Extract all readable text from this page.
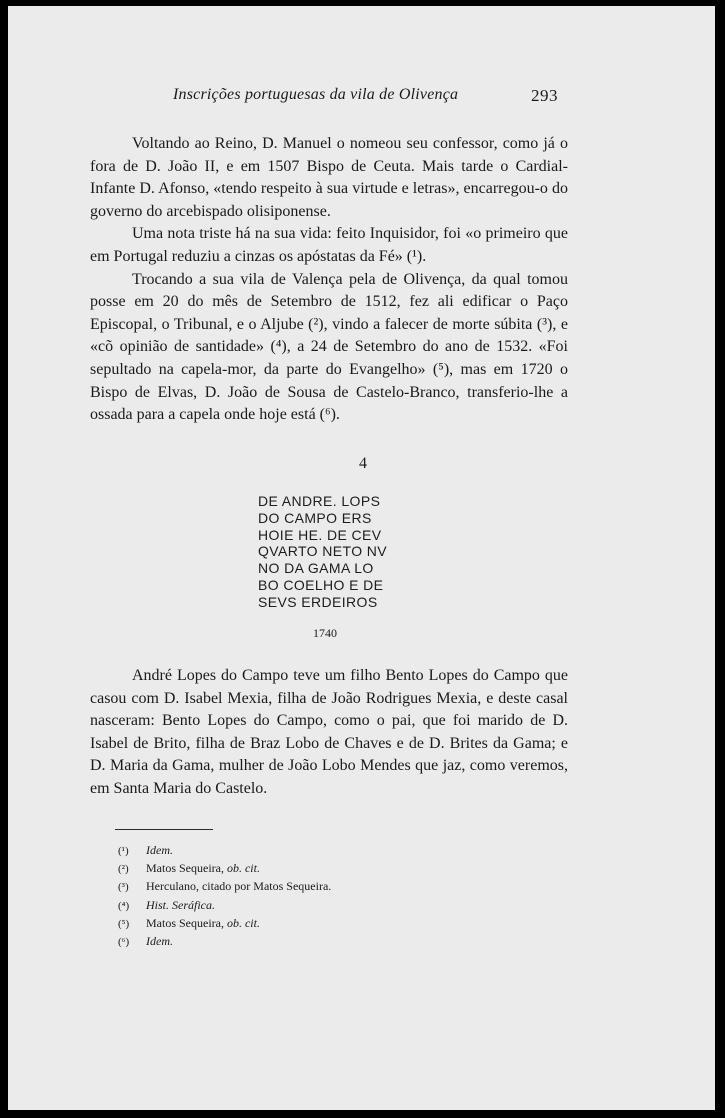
Inscrições portuguesas da vila de Olivença	293

Voltando ao Reino, D. Manuel o nomeou seu confessor, como já o fora de D. João II, e em 1507 Bispo de Ceuta. Mais tarde o Cardial-Infante D. Afonso, «tendo respeito à sua virtude e letras», encarregou-o do governo do arcebispado olisiponense.

Uma nota triste há na sua vida: feito Inquisidor, foi «o primeiro que em Portugal reduziu a cinzas os apóstatas da Fé» (¹).

Trocando a sua vila de Valença pela de Olivença, da qual tomou posse em 20 do mês de Setembro de 1512, fez ali edificar o Paço Episcopal, o Tribunal, e o Aljube (²), vindo a falecer de morte súbita (³), e «cõ opinião de santidade» (⁴), a 24 de Setembro do ano de 1532. «Foi sepultado na capela-mor, da parte do Evangelho» (⁵), mas em 1720 o Bispo de Elvas, D. João de Sousa de Castelo-Branco, transferio-lhe a ossada para a capela onde hoje está (⁶).

4
DE ANDRE. LOPS
DO CAMPO ERS
HOIE HE. DE CEV
QVARTO NETO NV
NO DA GAMA LO
BO COELHO E DE
SEVS ERDEIROS
1740

André Lopes do Campo teve um filho Bento Lopes do Campo que casou com D. Isabel Mexia, filha de João Rodrigues Mexia, e deste casal nasceram: Bento Lopes do Campo, como o pai, que foi marido de D. Isabel de Brito, filha de Braz Lobo de Chaves e de D. Brites da Gama; e D. Maria da Gama, mulher de João Lobo Mendes que jaz, como veremos, em Santa Maria do Castelo.

(¹) Idem.
(²) Matos Sequeira, ob. cit.
(³) Herculano, citado por Matos Sequeira.
(⁴) Hist. Seráfica.
(⁵) Matos Sequeira, ob. cit.
(⁶) Idem.
